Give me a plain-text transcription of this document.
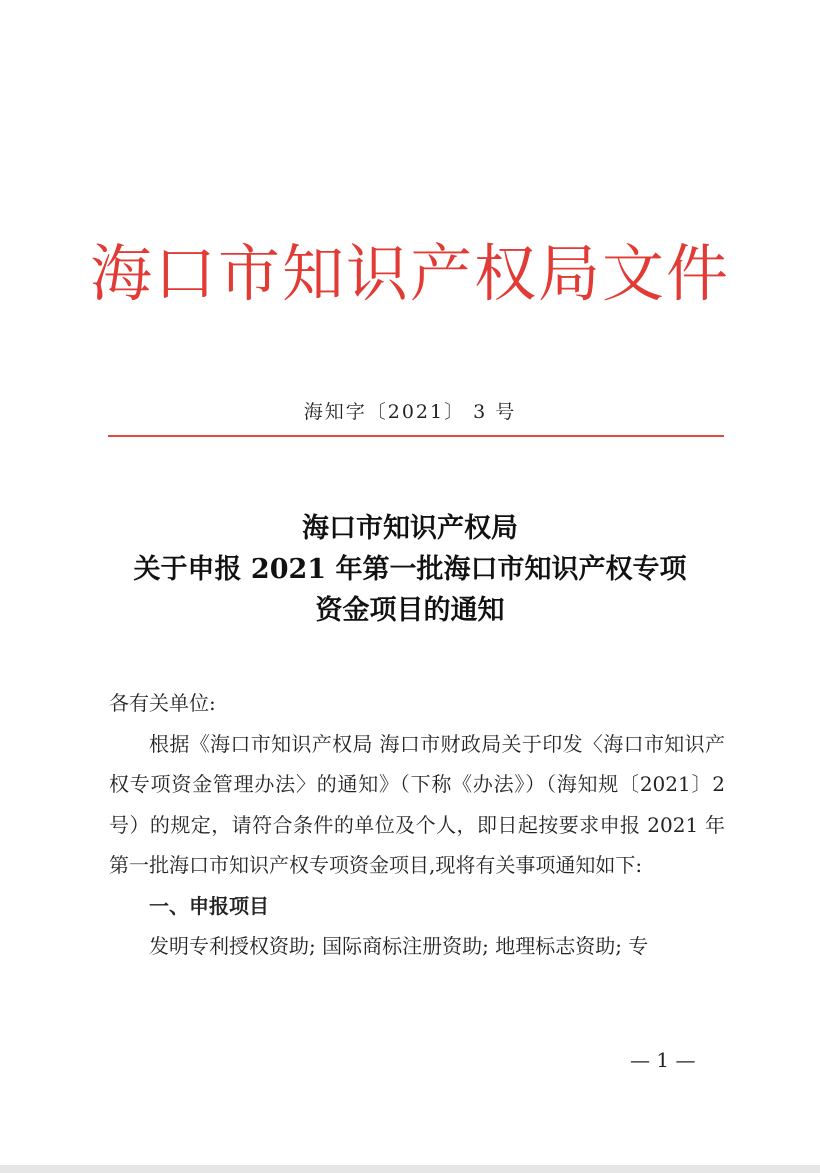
海口市知识产权局文件
海知字〔2021〕 3 号
海口市知识产权局
关于申报 2021 年第一批海口市知识产权专项
资金项目的通知

各有关单位:

根据《海口市知识产权局 海口市财政局关于印发〈海口市知识产权专项资金管理办法〉的通知》（下称《办法》）（海知规〔2021〕2 号）的规定，请符合条件的单位及个人，即日起按要求申报 2021 年第一批海口市知识产权专项资金项目,现将有关事项通知如下:

一、申报项目

发明专利授权资助; 国际商标注册资助; 地理标志资助; 专

— 1 —
